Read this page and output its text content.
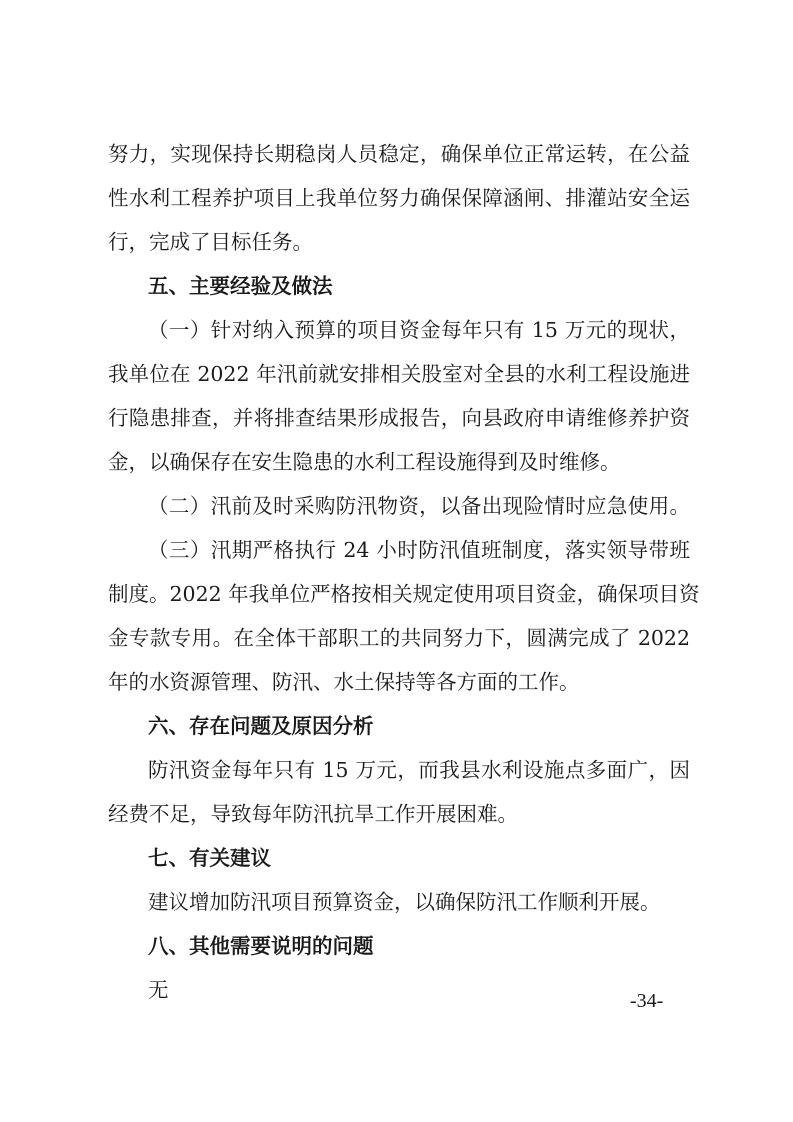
努力，实现保持长期稳岗人员稳定，确保单位正常运转，在公益
性水利工程养护项目上我单位努力确保保障涵闸、排灌站安全运
行，完成了目标任务。
五、主要经验及做法
（一）针对纳入预算的项目资金每年只有 15 万元的现状，
我单位在 2022 年汛前就安排相关股室对全县的水利工程设施进
行隐患排查，并将排查结果形成报告，向县政府申请维修养护资
金，以确保存在安生隐患的水利工程设施得到及时维修。
（二）汛前及时采购防汛物资，以备出现险情时应急使用。
（三）汛期严格执行 24 小时防汛值班制度，落实领导带班
制度。2022 年我单位严格按相关规定使用项目资金，确保项目资
金专款专用。在全体干部职工的共同努力下，圆满完成了 2022
年的水资源管理、防汛、水土保持等各方面的工作。
六、存在问题及原因分析
防汛资金每年只有 15 万元，而我县水利设施点多面广，因
经费不足，导致每年防汛抗旱工作开展困难。
七、有关建议
建议增加防汛项目预算资金，以确保防汛工作顺利开展。
八、其他需要说明的问题
无	-34-
